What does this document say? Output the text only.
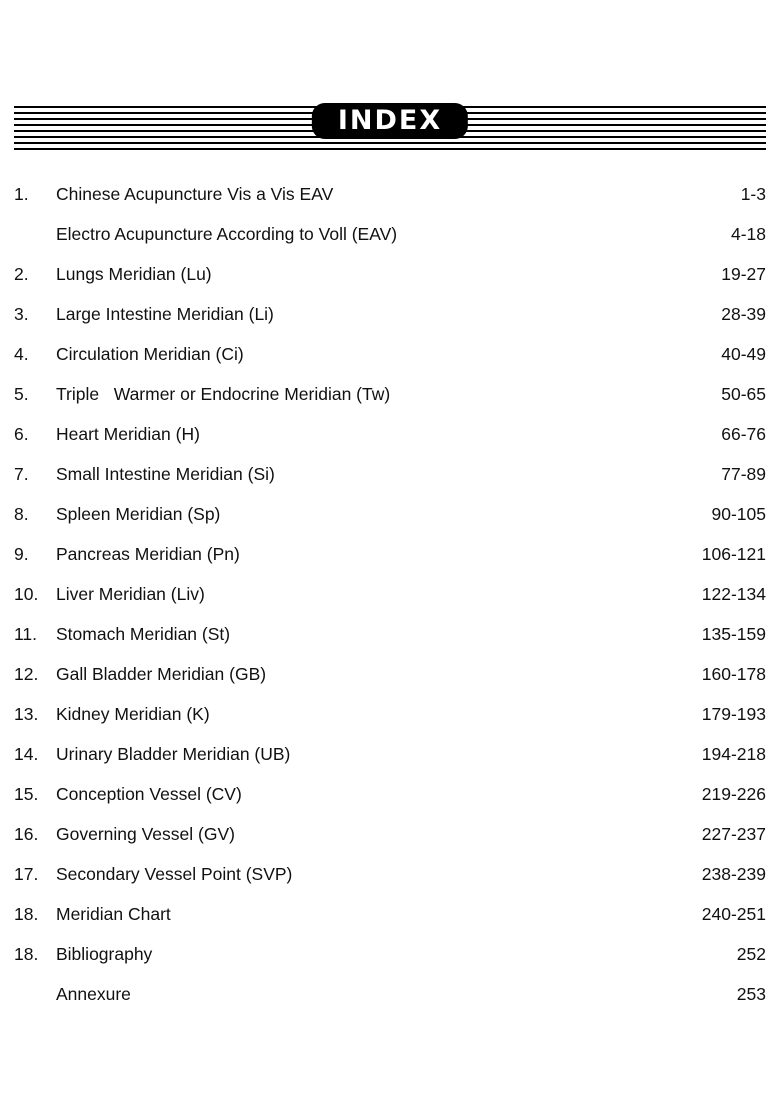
INDEX
1.	Chinese Acupuncture Vis a Vis EAV	1-3
Electro Acupuncture According to Voll (EAV)	4-18
2.	Lungs Meridian (Lu)	19-27
3.	Large Intestine Meridian (Li)	28-39
4.	Circulation Meridian (Ci)	40-49
5.	Triple   Warmer or Endocrine Meridian (Tw)	50-65
6.	Heart Meridian (H)	66-76
7.	Small Intestine Meridian (Si)	77-89
8.	Spleen Meridian (Sp)	90-105
9.	Pancreas Meridian (Pn)	106-121
10.	Liver Meridian (Liv)	122-134
11.	Stomach Meridian (St)	135-159
12.	Gall Bladder Meridian (GB)	160-178
13.	Kidney Meridian (K)	179-193
14.	Urinary Bladder Meridian (UB)	194-218
15.	Conception Vessel (CV)	219-226
16.	Governing Vessel (GV)	227-237
17.	Secondary Vessel Point (SVP)	238-239
18.	Meridian Chart	240-251
18.	Bibliography	252
Annexure	253
